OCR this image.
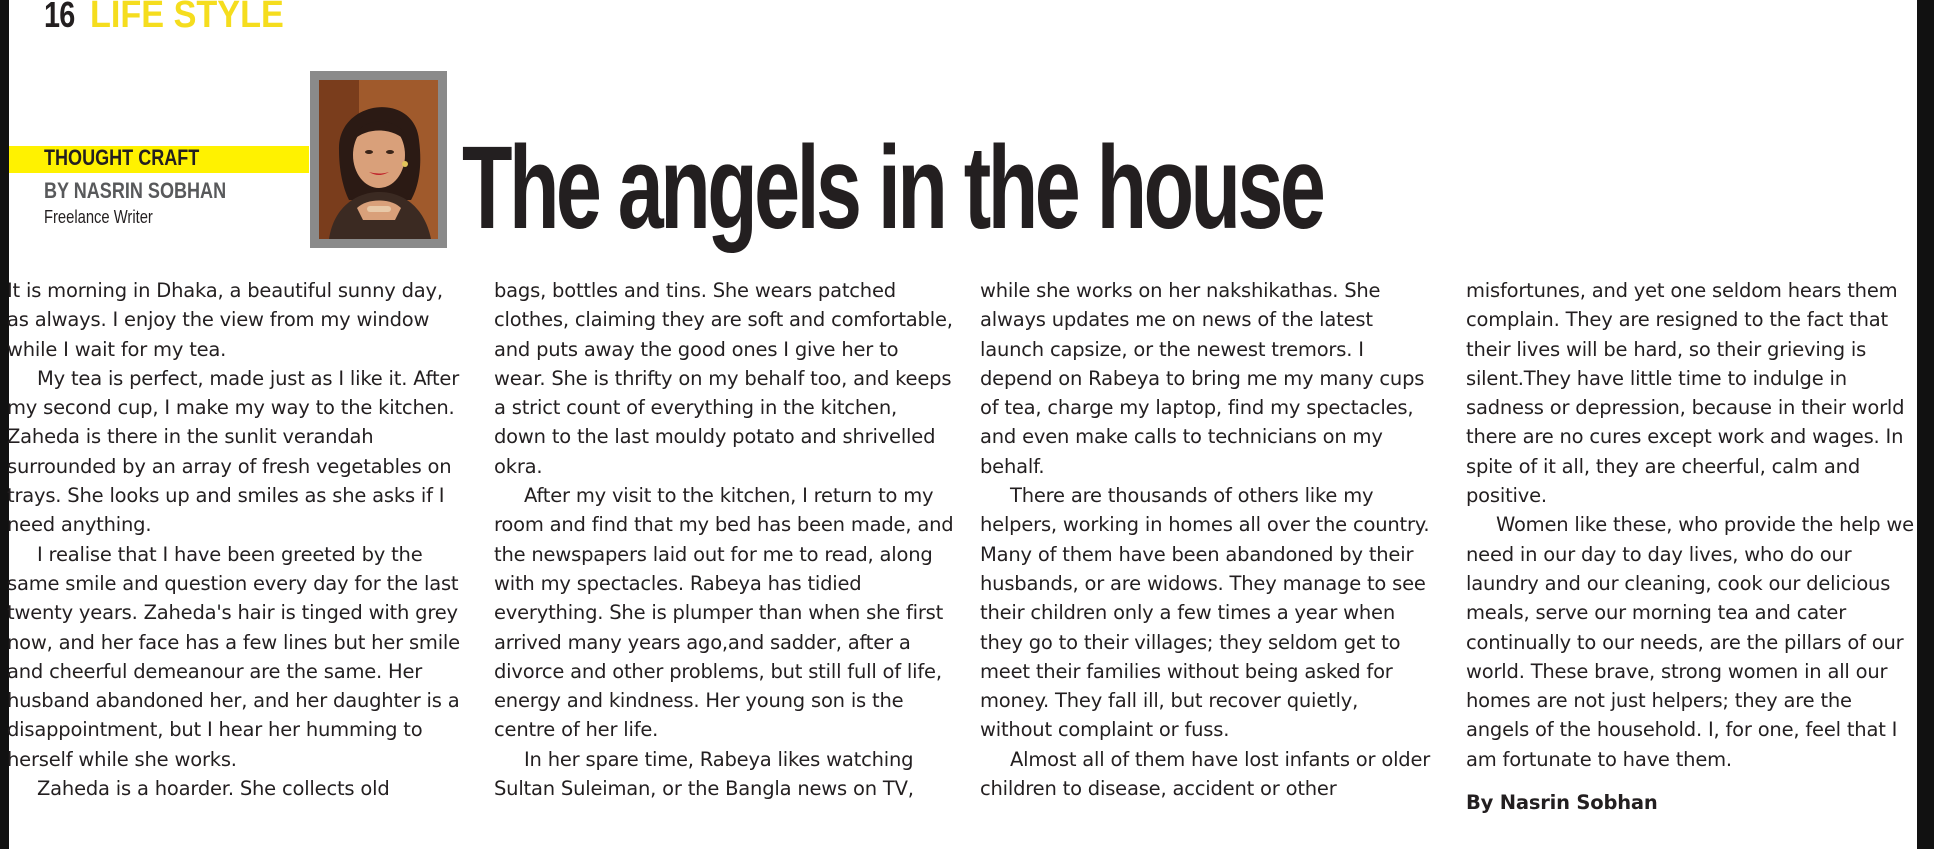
16 LIFE STYLE
THOUGHT CRAFT
BY NASRIN SOBHAN
Freelance Writer	The angels in the house

It is morning in Dhaka, a beautiful sunny day, as always. I enjoy the view from my window while I wait for my tea.

My tea is perfect, made just as I like it. After my second cup, I make my way to the kitchen. Zaheda is there in the sunlit verandah surrounded by an array of fresh vegetables on trays. She looks up and smiles as she asks if I need anything.

I realise that I have been greeted by the same smile and question every day for the last twenty years. Zaheda's hair is tinged with grey now, and her face has a few lines but her smile and cheerful demeanour are the same. Her husband abandoned her, and her daughter is a disappointment, but I hear her humming to herself while she works.

Zaheda is a hoarder. She collects old

bags, bottles and tins. She wears patched clothes, claiming they are soft and comfortable, and puts away the good ones I give her to wear. She is thrifty on my behalf too, and keeps a strict count of everything in the kitchen, down to the last mouldy potato and shrivelled okra.

After my visit to the kitchen, I return to my room and find that my bed has been made, and the newspapers laid out for me to read, along with my spectacles. Rabeya has tidied everything. She is plumper than when she first arrived many years ago,and sadder, after a divorce and other problems, but still full of life, energy and kindness. Her young son is the centre of her life.

In her spare time, Rabeya likes watching Sultan Suleiman, or the Bangla news on TV,

while she works on her nakshikathas. She always updates me on news of the latest launch capsize, or the newest tremors. I depend on Rabeya to bring me my many cups of tea, charge my laptop, find my spectacles, and even make calls to technicians on my behalf.

There are thousands of others like my helpers, working in homes all over the country. Many of them have been abandoned by their husbands, or are widows. They manage to see their children only a few times a year when they go to their villages; they seldom get to meet their families without being asked for money. They fall ill, but recover quietly, without complaint or fuss.

Almost all of them have lost infants or older children to disease, accident or other

misfortunes, and yet one seldom hears them complain. They are resigned to the fact that their lives will be hard, so their grieving is silent.They have little time to indulge in sadness or depression, because in their world there are no cures except work and wages. In spite of it all, they are cheerful, calm and positive.

Women like these, who provide the help we need in our day to day lives, who do our laundry and our cleaning, cook our delicious meals, serve our morning tea and cater continually to our needs, are the pillars of our world. These brave, strong women in all our homes are not just helpers; they are the angels of the household. I, for one, feel that I am fortunate to have them.

By Nasrin Sobhan
